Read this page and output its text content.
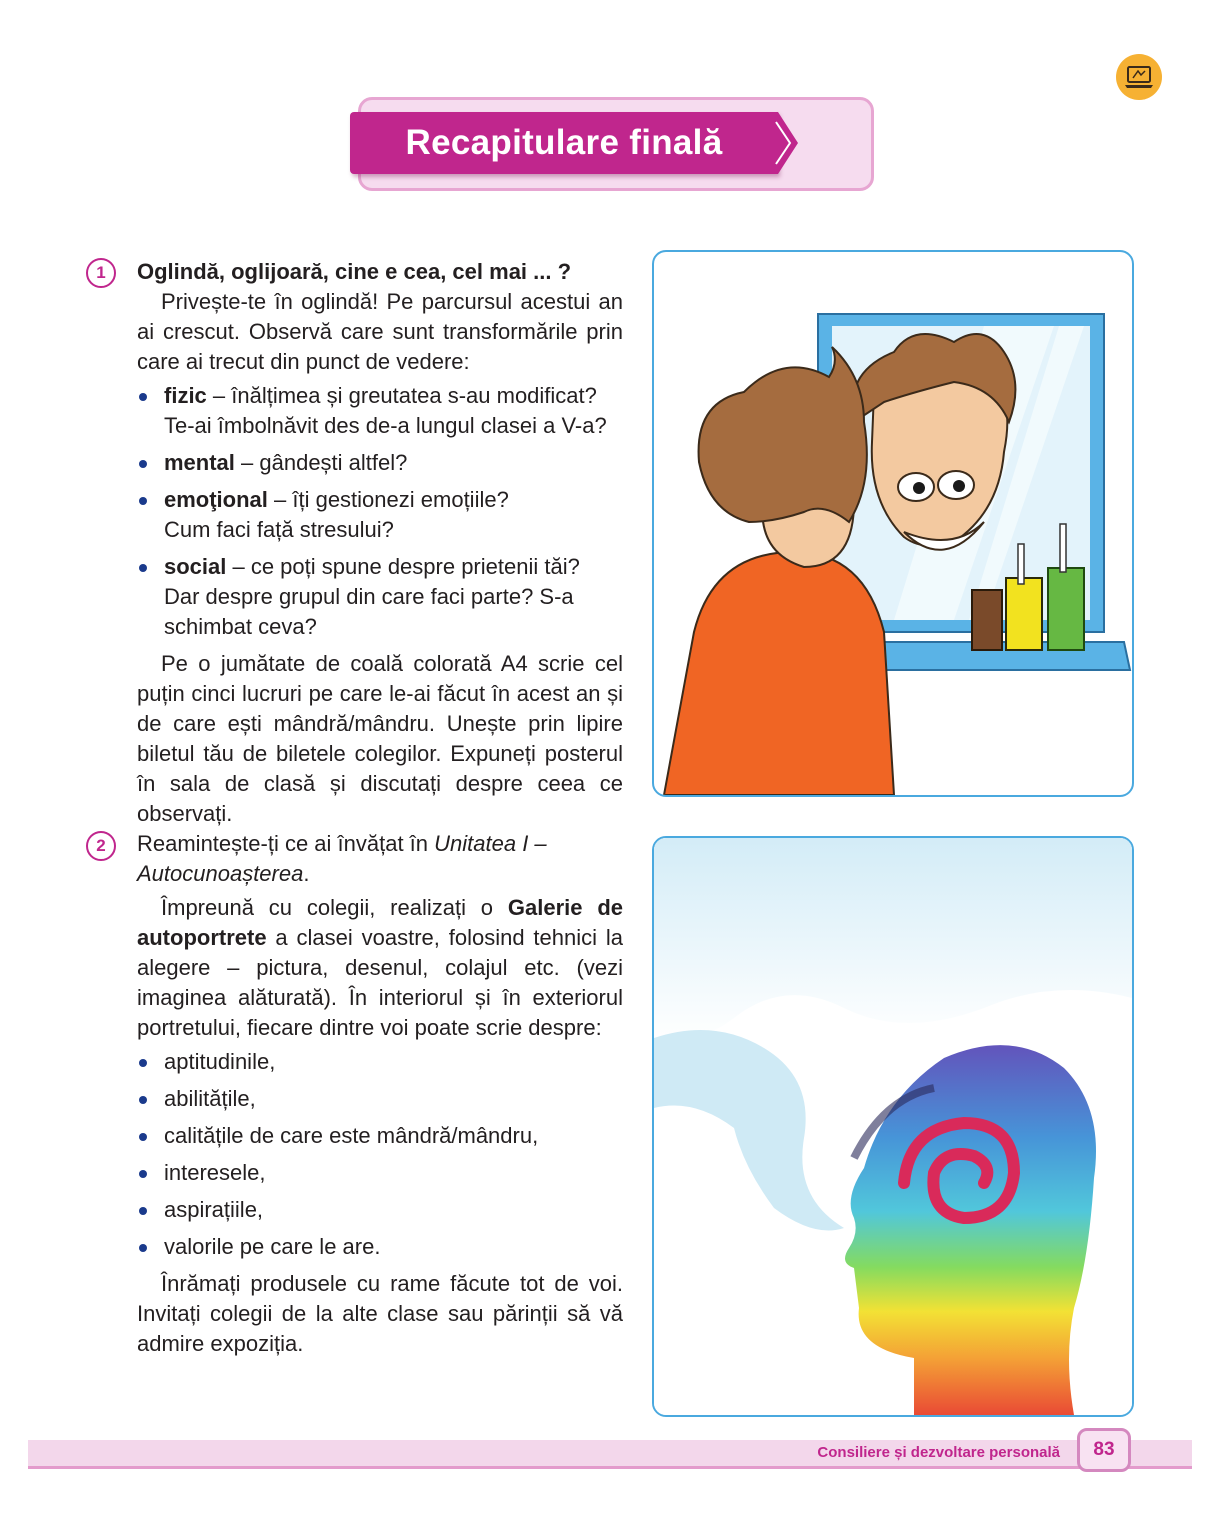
Recapitulare finală
1	Oglindă, oglijoară, cine e cea, cel mai ... ?

Privește-te în oglindă! Pe parcursul acestui an ai crescut. Observă care sunt transformările prin care ai trecut din punct de vedere:

fizic – înălțimea și greutatea s-au modificat? Te-ai îmbolnăvit des de-a lungul clasei a V-a?
mental – gândești altfel?
emoţional – îți gestionezi emoțiile? Cum faci față stresului?
social – ce poți spune despre prietenii tăi? Dar despre grupul din care faci parte? S-a schimbat ceva?

Pe o jumătate de coală colorată A4 scrie cel puțin cinci lucruri pe care le-ai făcut în acest an și de care ești mândră/mândru. Unește prin lipire biletul tău de biletele colegilor. Expuneți posterul în sala de clasă și discutați despre ceea ce observați.

2	Reamintește-ți ce ai învățat în Unitatea I – Autocunoașterea.

Împreună cu colegii, realizați o Galerie de autoportrete a clasei voastre, folosind tehnici la alegere – pictura, desenul, colajul etc. (vezi imaginea alăturată). În interiorul și în exteriorul portretului, fiecare dintre voi poate scrie despre:

aptitudinile,
abilitățile,
calitățile de care este mândră/mândru,
interesele,
aspirațiile,
valorile pe care le are.

Înrămați produsele cu rame făcute tot de voi. Invitați colegii de la alte clase sau părinții să vă admire expoziția.

Consiliere și dezvoltare personală	83
